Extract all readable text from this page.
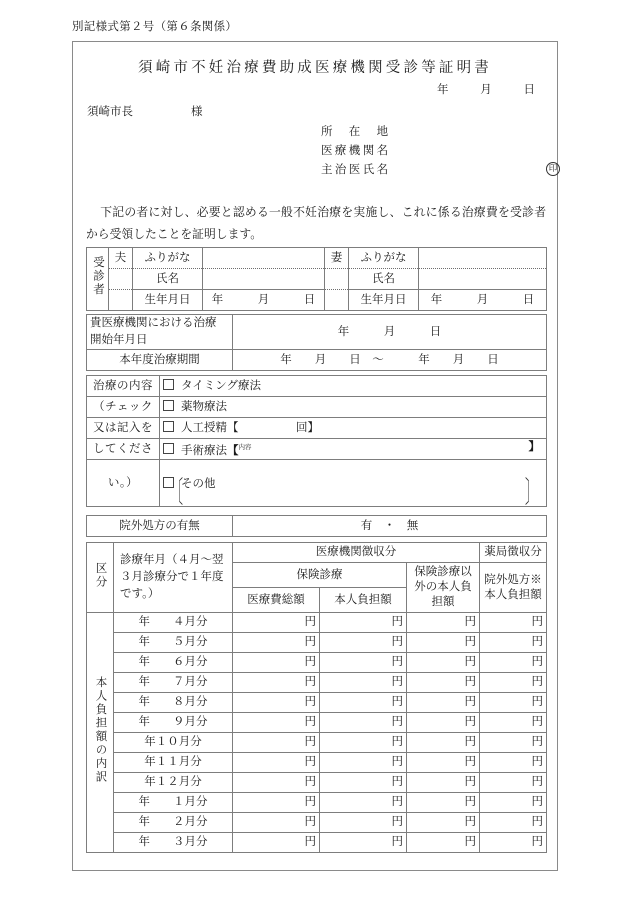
別記様式第２号（第６条関係）
須崎市不妊治療費助成医療機関受診等証明書
年	月	日
須崎市長	様
所　在　地
医療機関名
主治医氏名	印
下記の者に対し、必要と認める一般不妊治療を実施し、これに係る治療費を受診者から受領したことを証明します。
受診者	夫	ふりがな		妻	ふりがな	
		氏名			氏名	
		生年月日	年　　　月　　　日		生年月日	年　　　月　　　日
貴医療機関における治療
開始年月日	年　　　月　　　日
本年度治療期間	年　　月　　日　～　　　年　　月　　日
治療の内容	タイミング療法
（チェック	薬物療法
又は記入を	人工授精【　　　　　回】
してくださ	手術療法【$^{内容}$ 】

い。）	その他
〔 〕
院外処方の有無	有　・　無
区分	診療年月（４月～翌３月診療分で１年度です。）	医療機関徴収分			薬局徴収分
		保険診療		保険診療以外の本人負担額	院外処方※本人負担額
		医療費総額	本人負担額		
本人負担額の内訳	年　　４月分	円	円	円	円
	年　　５月分	円	円	円	円
	年　　６月分	円	円	円	円
	年　　７月分	円	円	円	円
	年　　８月分	円	円	円	円
	年　　９月分	円	円	円	円
	年１０月分	円	円	円	円
	年１１月分	円	円	円	円
	年１２月分	円	円	円	円
	年　　１月分	円	円	円	円
	年　　２月分	円	円	円	円
	年　　３月分	円	円	円	円
